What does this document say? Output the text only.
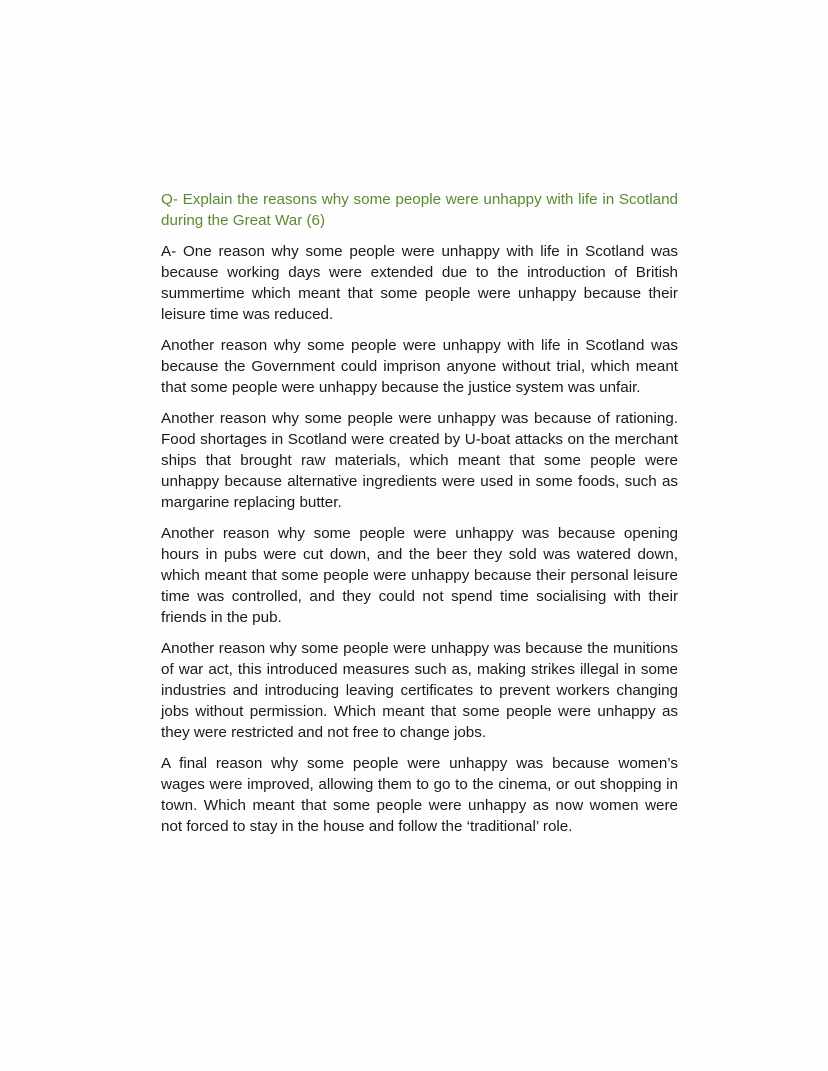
Q- Explain the reasons why some people were unhappy with life in Scotland during the Great War (6)

A- One reason why some people were unhappy with life in Scotland was because working days were extended due to the introduction of British summertime which meant that some people were unhappy because their leisure time was reduced.

Another reason why some people were unhappy with life in Scotland was because the Government could imprison anyone without trial, which meant that some people were unhappy because the justice system was unfair.

Another reason why some people were unhappy was because of rationing. Food shortages in Scotland were created by U-boat attacks on the merchant ships that brought raw materials, which meant that some people were unhappy because alternative ingredients were used in some foods, such as margarine replacing butter.

Another reason why some people were unhappy was because opening hours in pubs were cut down, and the beer they sold was watered down, which meant that some people were unhappy because their personal leisure time was controlled, and they could not spend time socialising with their friends in the pub.

Another reason why some people were unhappy was because the munitions of war act, this introduced measures such as, making strikes illegal in some industries and introducing leaving certificates to prevent workers changing jobs without permission. Which meant that some people were unhappy as they were restricted and not free to change jobs.

A final reason why some people were unhappy was because women’s wages were improved, allowing them to go to the cinema, or out shopping in town. Which meant that some people were unhappy as now women were not forced to stay in the house and follow the ‘traditional’ role.
